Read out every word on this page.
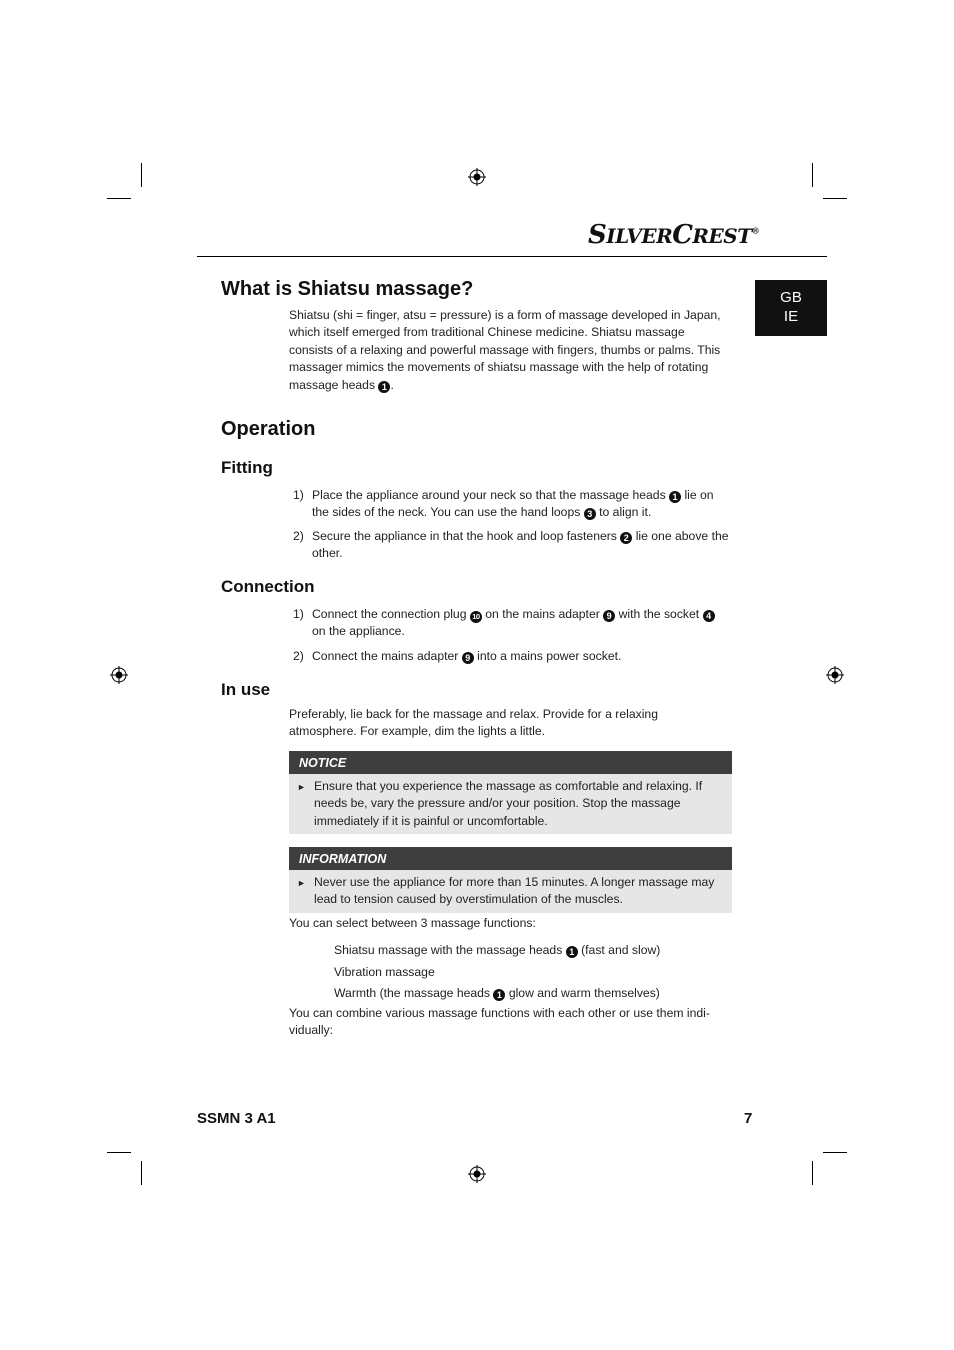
SILVERCREST®
GB
IE
What is Shiatsu massage?
Shiatsu (shi = finger, atsu = pressure) is a form of massage developed in Japan, which itself emerged from traditional Chinese medicine. Shiatsu massage consists of a relaxing and powerful massage with fingers, thumbs or palms. This massager mimics the movements of shiatsu massage with the help of rotating massage heads 1 .
Operation
Fitting
1) Place the appliance around your neck so that the massage heads 1 lie on the sides of the neck. You can use the hand loops 3 to align it.
2) Secure the appliance in that the hook and loop fasteners 2 lie one above the other.
Connection
1) Connect the connection plug 10 on the mains adapter 9 with the socket 4 on the appliance.
2) Connect the mains adapter 9 into a mains power socket.
In use
Preferably, lie back for the massage and relax. Provide for a relaxing atmosphere. For example, dim the lights a little.
NOTICE
► Ensure that you experience the massage as comfortable and relaxing. If needs be, vary the pressure and/or your position. Stop the massage immediately if it is painful or uncomfortable.
INFORMATION
► Never use the appliance for more than 15 minutes. A longer massage may lead to tension caused by overstimulation of the muscles.
You can select between 3 massage functions:
Shiatsu massage with the massage heads 1 (fast and slow)
Vibration massage
Warmth (the massage heads 1 glow and warm themselves)
You can combine various massage functions with each other or use them indi-vidually:
SSMN 3 A1	7
